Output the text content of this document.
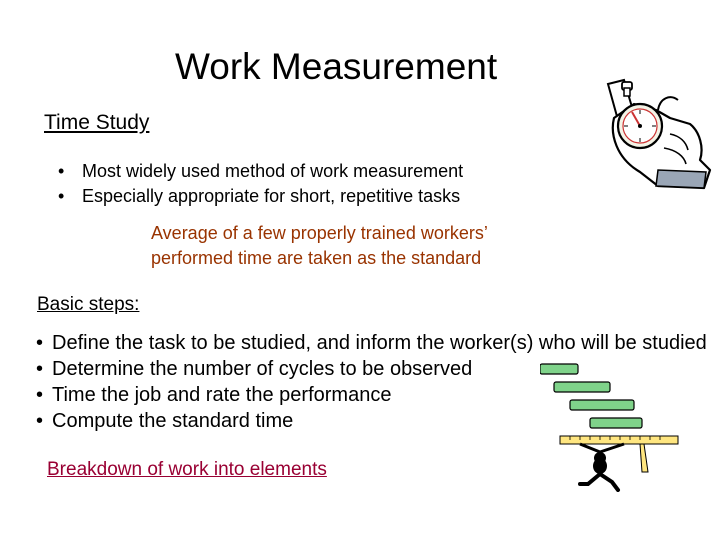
Work Measurement
Time Study
• Most widely used method of work measurement
• Especially appropriate for short, repetitive tasks
Average of a few properly trained workers’
performed time are taken as the standard
Basic steps:
• Define the task to be studied, and inform the worker(s) who will be studied
• Determine the number of cycles to be observed
• Time the job and rate the performance
• Compute the standard time
Breakdown of work into elements
